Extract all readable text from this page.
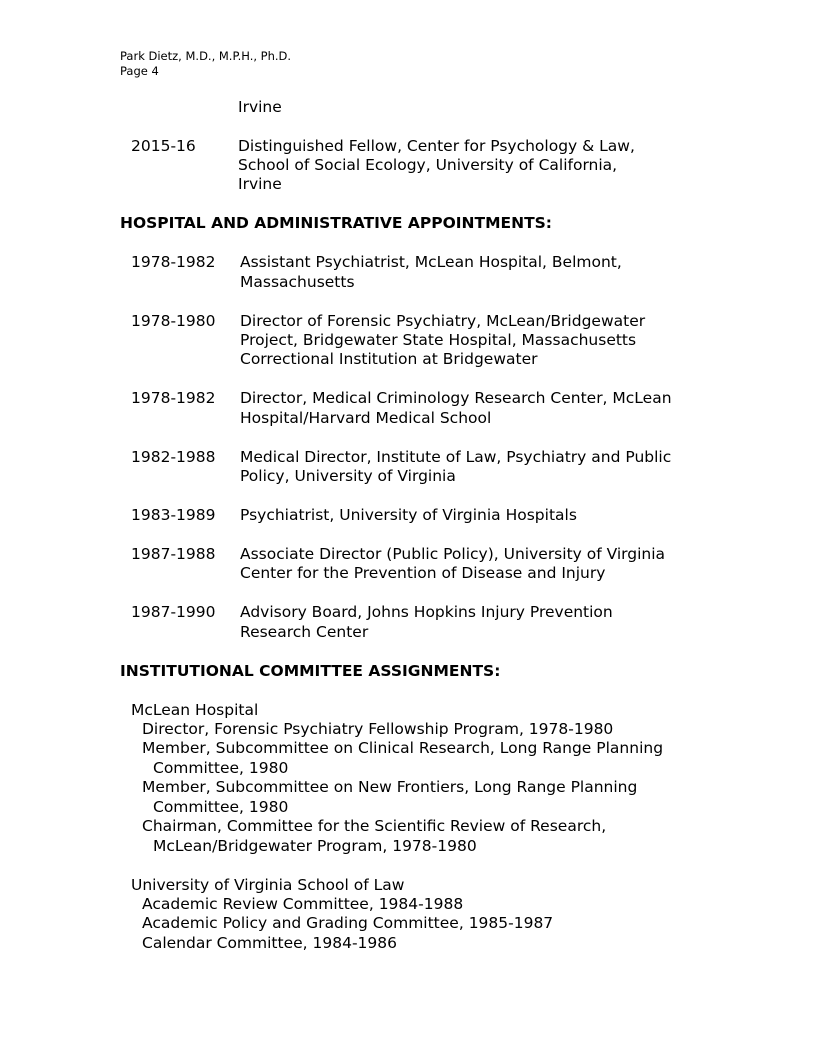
Park Dietz, M.D., M.P.H., Ph.D.
Page 4
Irvine
2015-16	Distinguished Fellow, Center for Psychology & Law,
School of Social Ecology, University of California,
Irvine
HOSPITAL AND ADMINISTRATIVE APPOINTMENTS:
1978-1982 Assistant Psychiatrist, McLean Hospital, Belmont,
Massachusetts
1978-1980 Director of Forensic Psychiatry, McLean/Bridgewater
Project, Bridgewater State Hospital, Massachusetts
Correctional Institution at Bridgewater
1978-1982 Director, Medical Criminology Research Center, McLean
Hospital/Harvard Medical School
1982-1988 Medical Director, Institute of Law, Psychiatry and Public
Policy, University of Virginia
1983-1989 Psychiatrist, University of Virginia Hospitals
1987-1988 Associate Director (Public Policy), University of Virginia
Center for the Prevention of Disease and Injury
1987-1990 Advisory Board, Johns Hopkins Injury Prevention
Research Center
INSTITUTIONAL COMMITTEE ASSIGNMENTS:
McLean Hospital
Director, Forensic Psychiatry Fellowship Program, 1978-1980
Member, Subcommittee on Clinical Research, Long Range Planning
Committee, 1980
Member, Subcommittee on New Frontiers, Long Range Planning
Committee, 1980
Chairman, Committee for the Scientific Review of Research,
McLean/Bridgewater Program, 1978-1980
University of Virginia School of Law
Academic Review Committee, 1984-1988
Academic Policy and Grading Committee, 1985-1987
Calendar Committee, 1984-1986
